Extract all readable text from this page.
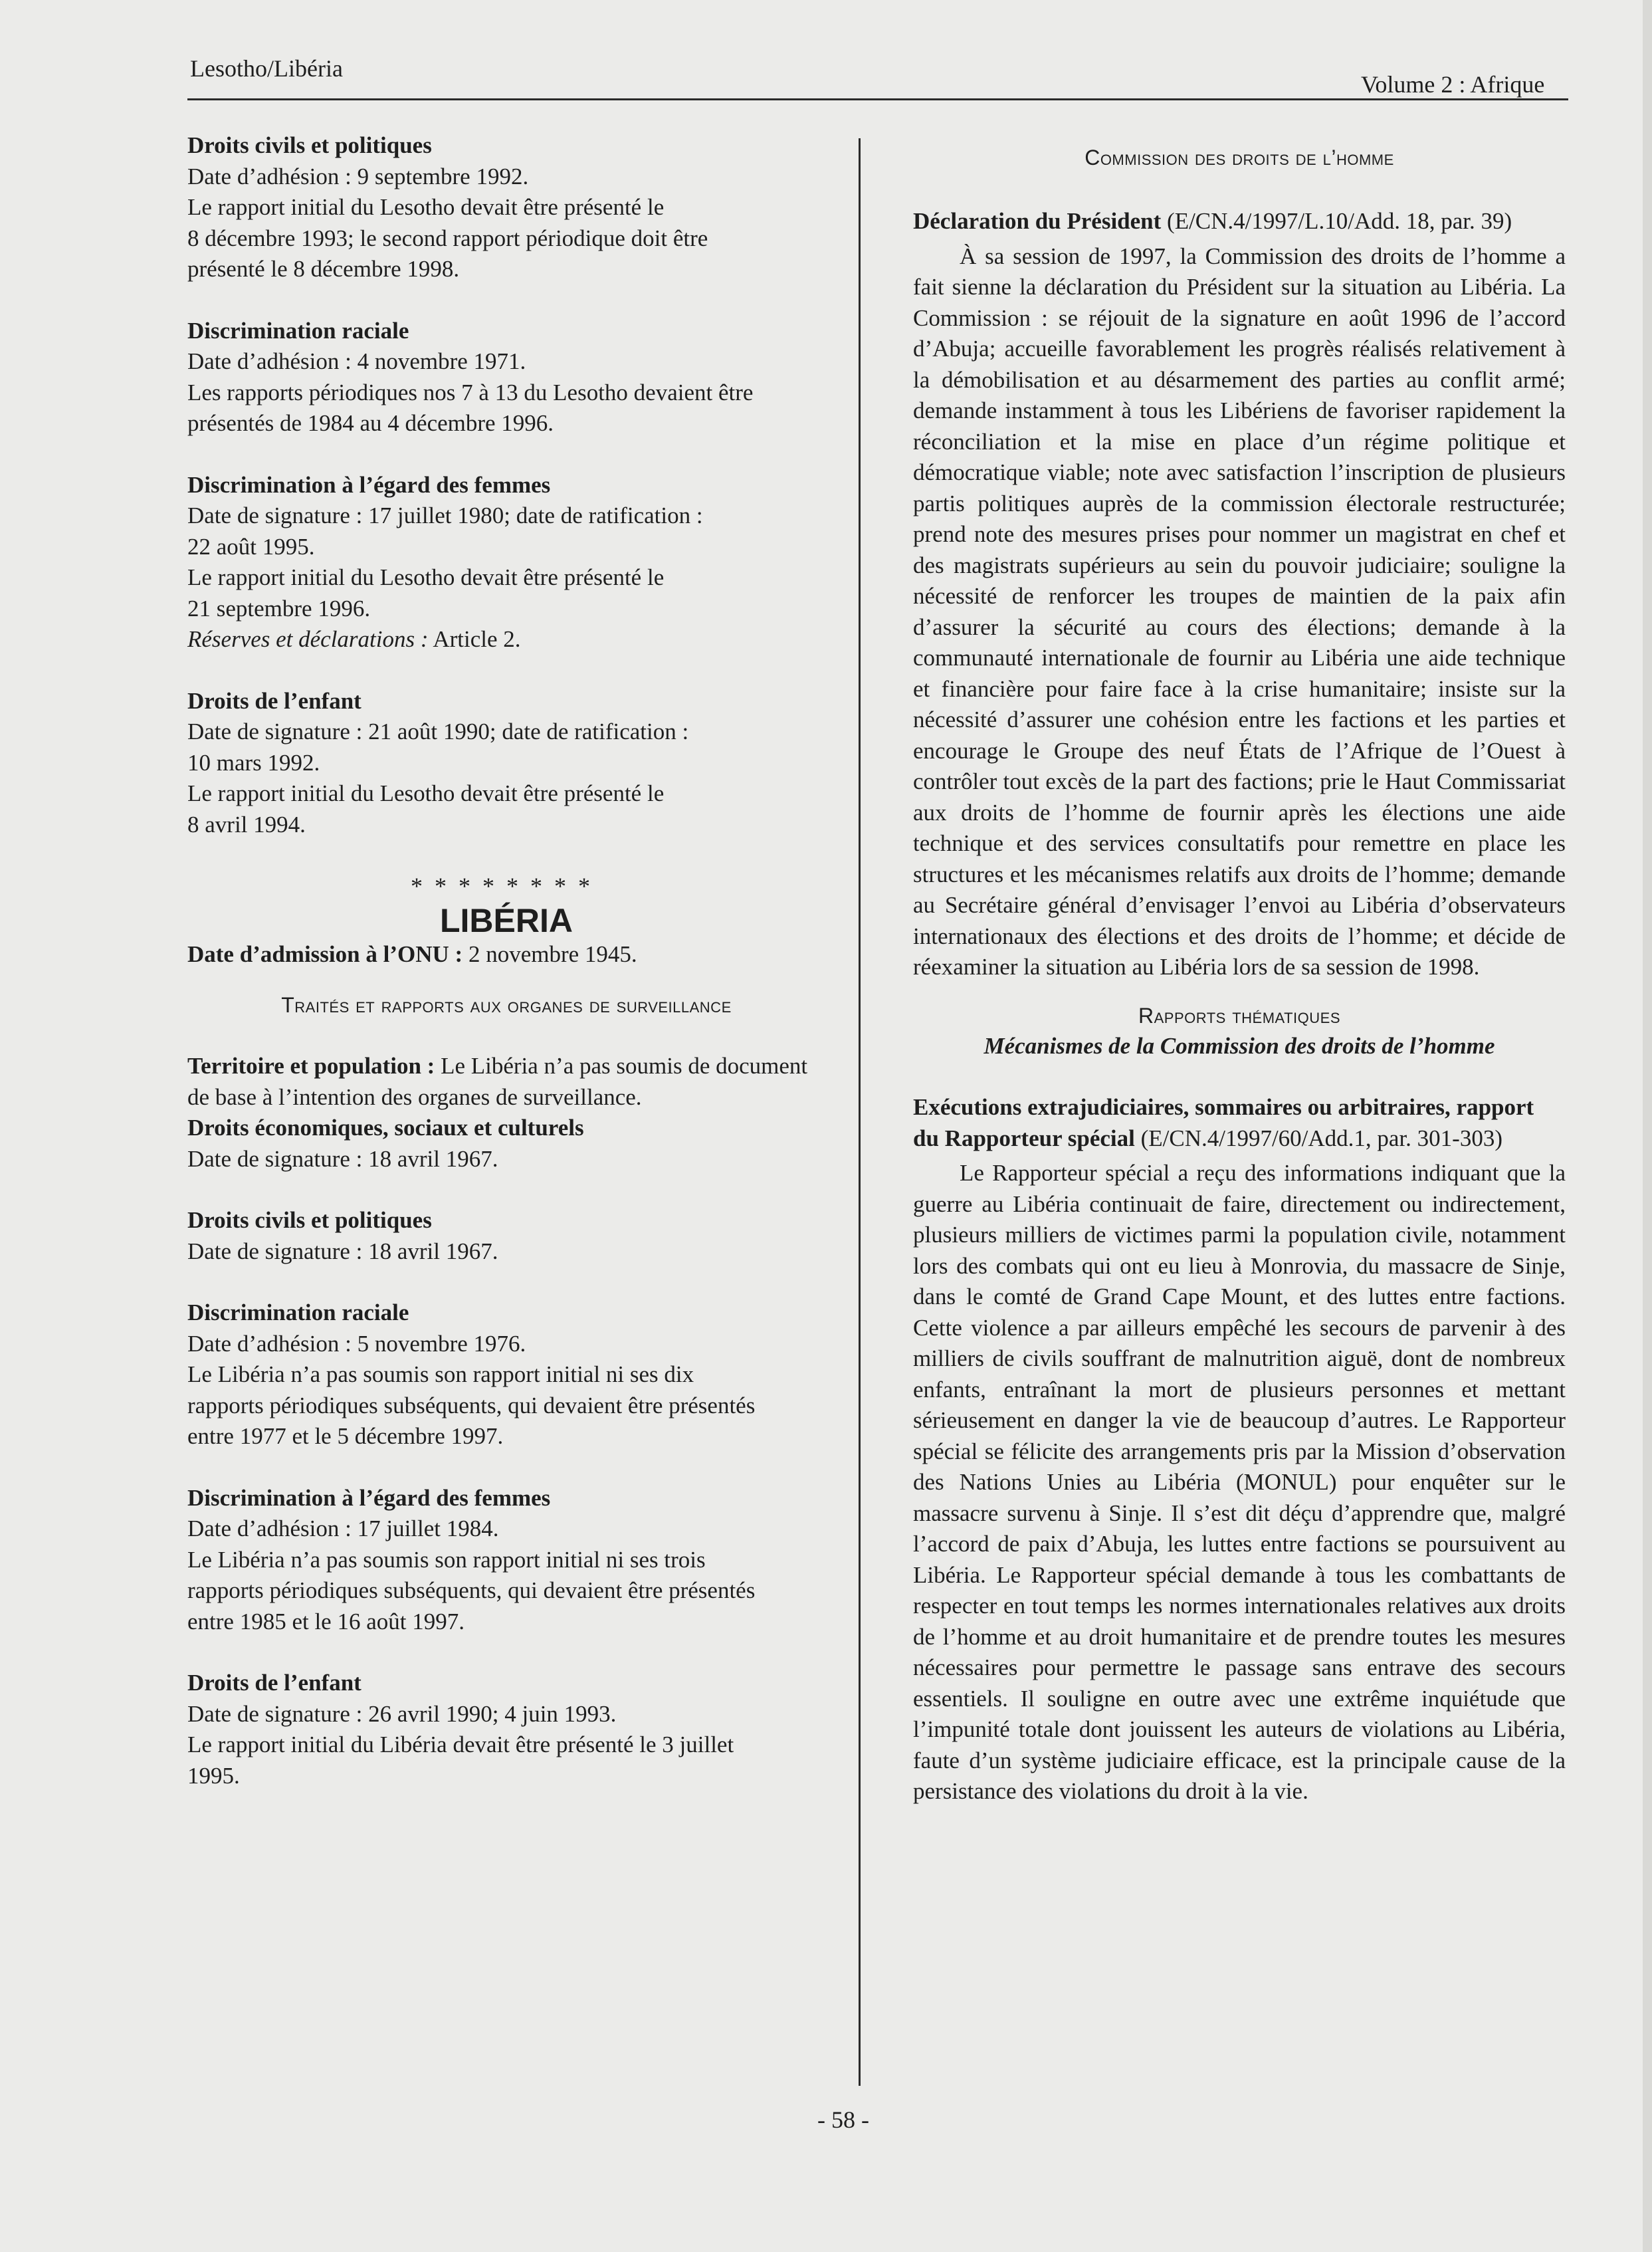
Lesotho/Libéria
Volume 2 : Afrique

Droits civils et politiques

Date d’adhésion : 9 septembre 1992.

Le rapport initial du Lesotho devait être présenté le

8 décembre 1993; le second rapport périodique doit être

présenté le 8 décembre 1998.

Discrimination raciale

Date d’adhésion : 4 novembre 1971.

Les rapports périodiques nos 7 à 13 du Lesotho devaient être

présentés de 1984 au 4 décembre 1996.

Discrimination à l’égard des femmes

Date de signature : 17 juillet 1980; date de ratification :

22 août 1995.

Le rapport initial du Lesotho devait être présenté le

21 septembre 1996.

Réserves et déclarations : Article 2.

Droits de l’enfant

Date de signature : 21 août 1990; date de ratification :

10 mars 1992.

Le rapport initial du Lesotho devait être présenté le

8 avril 1994.

********

LIBÉRIA

Date d’admission à l’ONU : 2 novembre 1945.

Traités et rapports aux organes de surveillance

Territoire et population : Le Libéria n’a pas soumis de document de base à l’intention des organes de surveillance.

Droits économiques, sociaux et culturels

Date de signature : 18 avril 1967.

Droits civils et politiques

Date de signature : 18 avril 1967.

Discrimination raciale

Date d’adhésion : 5 novembre 1976.

Le Libéria n’a pas soumis son rapport initial ni ses dix

rapports périodiques subséquents, qui devaient être présentés

entre 1977 et le 5 décembre 1997.

Discrimination à l’égard des femmes

Date d’adhésion : 17 juillet 1984.

Le Libéria n’a pas soumis son rapport initial ni ses trois

rapports périodiques subséquents, qui devaient être présentés

entre 1985 et le 16 août 1997.

Droits de l’enfant

Date de signature : 26 avril 1990; 4 juin 1993.

Le rapport initial du Libéria devait être présenté le 3 juillet

1995.

Commission des droits de l’homme

Déclaration du Président (E/CN.4/1997/L.10/Add. 18, par. 39)

À sa session de 1997, la Commission des droits de l’homme a fait sienne la déclaration du Président sur la situation au Libéria. La Commission : se réjouit de la signature en août 1996 de l’accord d’Abuja; accueille favorablement les progrès réalisés relativement à la démobilisation et au désarmement des parties au conflit armé; demande instamment à tous les Libériens de favoriser rapidement la réconciliation et la mise en place d’un régime politique et démocratique viable; note avec satisfaction l’inscription de plusieurs partis politiques auprès de la commission électorale restructurée; prend note des mesures prises pour nommer un magistrat en chef et des magistrats supérieurs au sein du pouvoir judiciaire; souligne la nécessité de renforcer les troupes de maintien de la paix afin d’assurer la sécurité au cours des élections; demande à la communauté internationale de fournir au Libéria une aide technique et financière pour faire face à la crise humanitaire; insiste sur la nécessité d’assurer une cohésion entre les factions et les parties et encourage le Groupe des neuf États de l’Afrique de l’Ouest à contrôler tout excès de la part des factions; prie le Haut Commissariat aux droits de l’homme de fournir après les élections une aide technique et des services consultatifs pour remettre en place les structures et les mécanismes relatifs aux droits de l’homme; demande au Secrétaire général d’envisager l’envoi au Libéria d’observateurs internationaux des élections et des droits de l’homme; et décide de réexaminer la situation au Libéria lors de sa session de 1998.

Rapports thématiques

Mécanismes de la Commission des droits de l’homme

Exécutions extrajudiciaires, sommaires ou arbitraires, rapport du Rapporteur spécial (E/CN.4/1997/60/Add.1, par. 301-303)

Le Rapporteur spécial a reçu des informations indiquant que la guerre au Libéria continuait de faire, directement ou indirectement, plusieurs milliers de victimes parmi la population civile, notamment lors des combats qui ont eu lieu à Monrovia, du massacre de Sinje, dans le comté de Grand Cape Mount, et des luttes entre factions. Cette violence a par ailleurs empêché les secours de parvenir à des milliers de civils souffrant de malnutrition aiguë, dont de nombreux enfants, entraînant la mort de plusieurs personnes et mettant sérieusement en danger la vie de beaucoup d’autres. Le Rapporteur spécial se félicite des arrangements pris par la Mission d’observation des Nations Unies au Libéria (MONUL) pour enquêter sur le massacre survenu à Sinje. Il s’est dit déçu d’apprendre que, malgré l’accord de paix d’Abuja, les luttes entre factions se poursuivent au Libéria. Le Rapporteur spécial demande à tous les combattants de respecter en tout temps les normes internationales relatives aux droits de l’homme et au droit humanitaire et de prendre toutes les mesures nécessaires pour permettre le passage sans entrave des secours essentiels. Il souligne en outre avec une extrême inquiétude que l’impunité totale dont jouissent les auteurs de violations au Libéria, faute d’un système judiciaire efficace, est la principale cause de la persistance des violations du droit à la vie.

- 58 -
